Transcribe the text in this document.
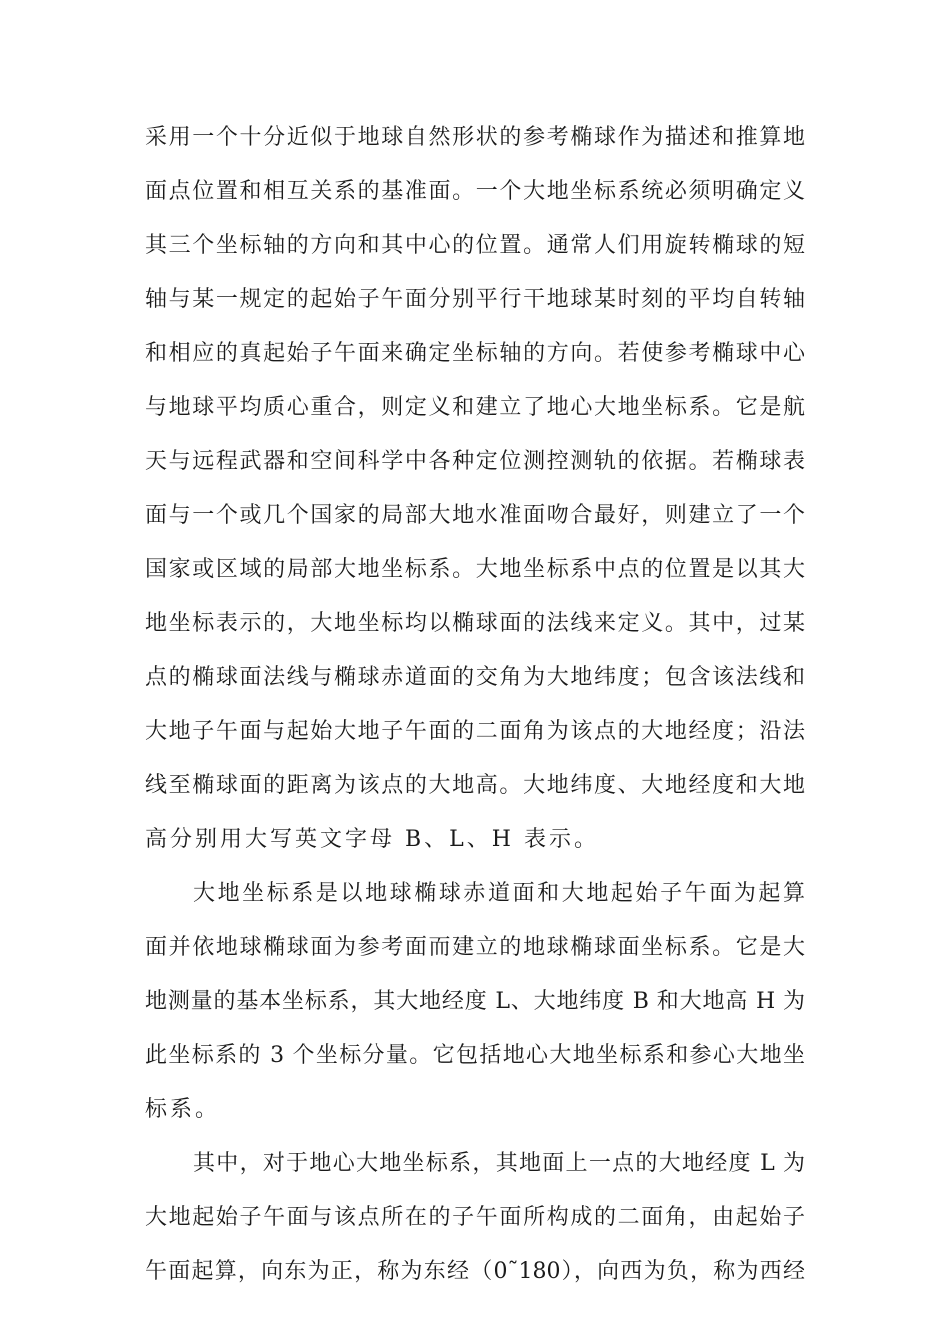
采用一个十分近似于地球自然形状的参考椭球作为描述和推算地
面点位置和相互关系的基准面。一个大地坐标系统必须明确定义
其三个坐标轴的方向和其中心的位置。通常人们用旋转椭球的短
轴与某一规定的起始子午面分别平行干地球某时刻的平均自转轴
和相应的真起始子午面来确定坐标轴的方向。若使参考椭球中心
与地球平均质心重合，则定义和建立了地心大地坐标系。它是航
天与远程武器和空间科学中各种定位测控测轨的依据。若椭球表
面与一个或几个国家的局部大地水准面吻合最好，则建立了一个
国家或区域的局部大地坐标系。大地坐标系中点的位置是以其大
地坐标表示的，大地坐标均以椭球面的法线来定义。其中，过某
点的椭球面法线与椭球赤道面的交角为大地纬度；包含该法线和
大地子午面与起始大地子午面的二面角为该点的大地经度；沿法
线至椭球面的距离为该点的大地高。大地纬度、大地经度和大地
高分别用大写英文字母 B、L、H 表示。
大地坐标系是以地球椭球赤道面和大地起始子午面为起算
面并依地球椭球面为参考面而建立的地球椭球面坐标系。它是大
地测量的基本坐标系，其大地经度 L、大地纬度 B 和大地高 H 为
此坐标系的 3 个坐标分量。它包括地心大地坐标系和参心大地坐
标系。
其中，对于地心大地坐标系，其地面上一点的大地经度 L 为
大地起始子午面与该点所在的子午面所构成的二面角，由起始子
午面起算，向东为正，称为东经（0˜180），向西为负，称为西经
